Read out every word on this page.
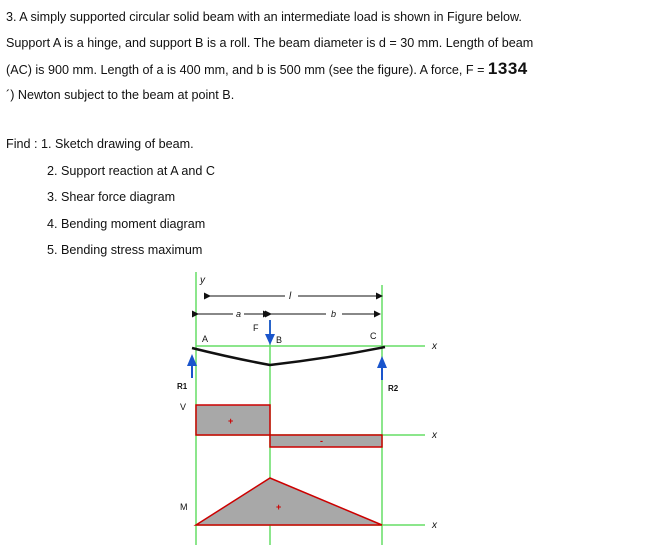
3. A simply supported circular solid beam with an intermediate load is shown in Figure below.
Support A is a hinge, and support B is a roll. The beam diameter is d = 30 mm. Length of beam
(AC) is 900 mm. Length of a is 400 mm, and b is 500 mm (see the figure). A force, F = 1334
´) Newton subject to the beam at point B.
Find : 1. Sketch drawing of beam.
2. Support reaction at A and C
3. Shear force diagram
4. Bending moment diagram
5. Bending stress maximum
y
x
x
x
l
a	b
F
A	B	C
R1	R2
V
+
-
M	+
